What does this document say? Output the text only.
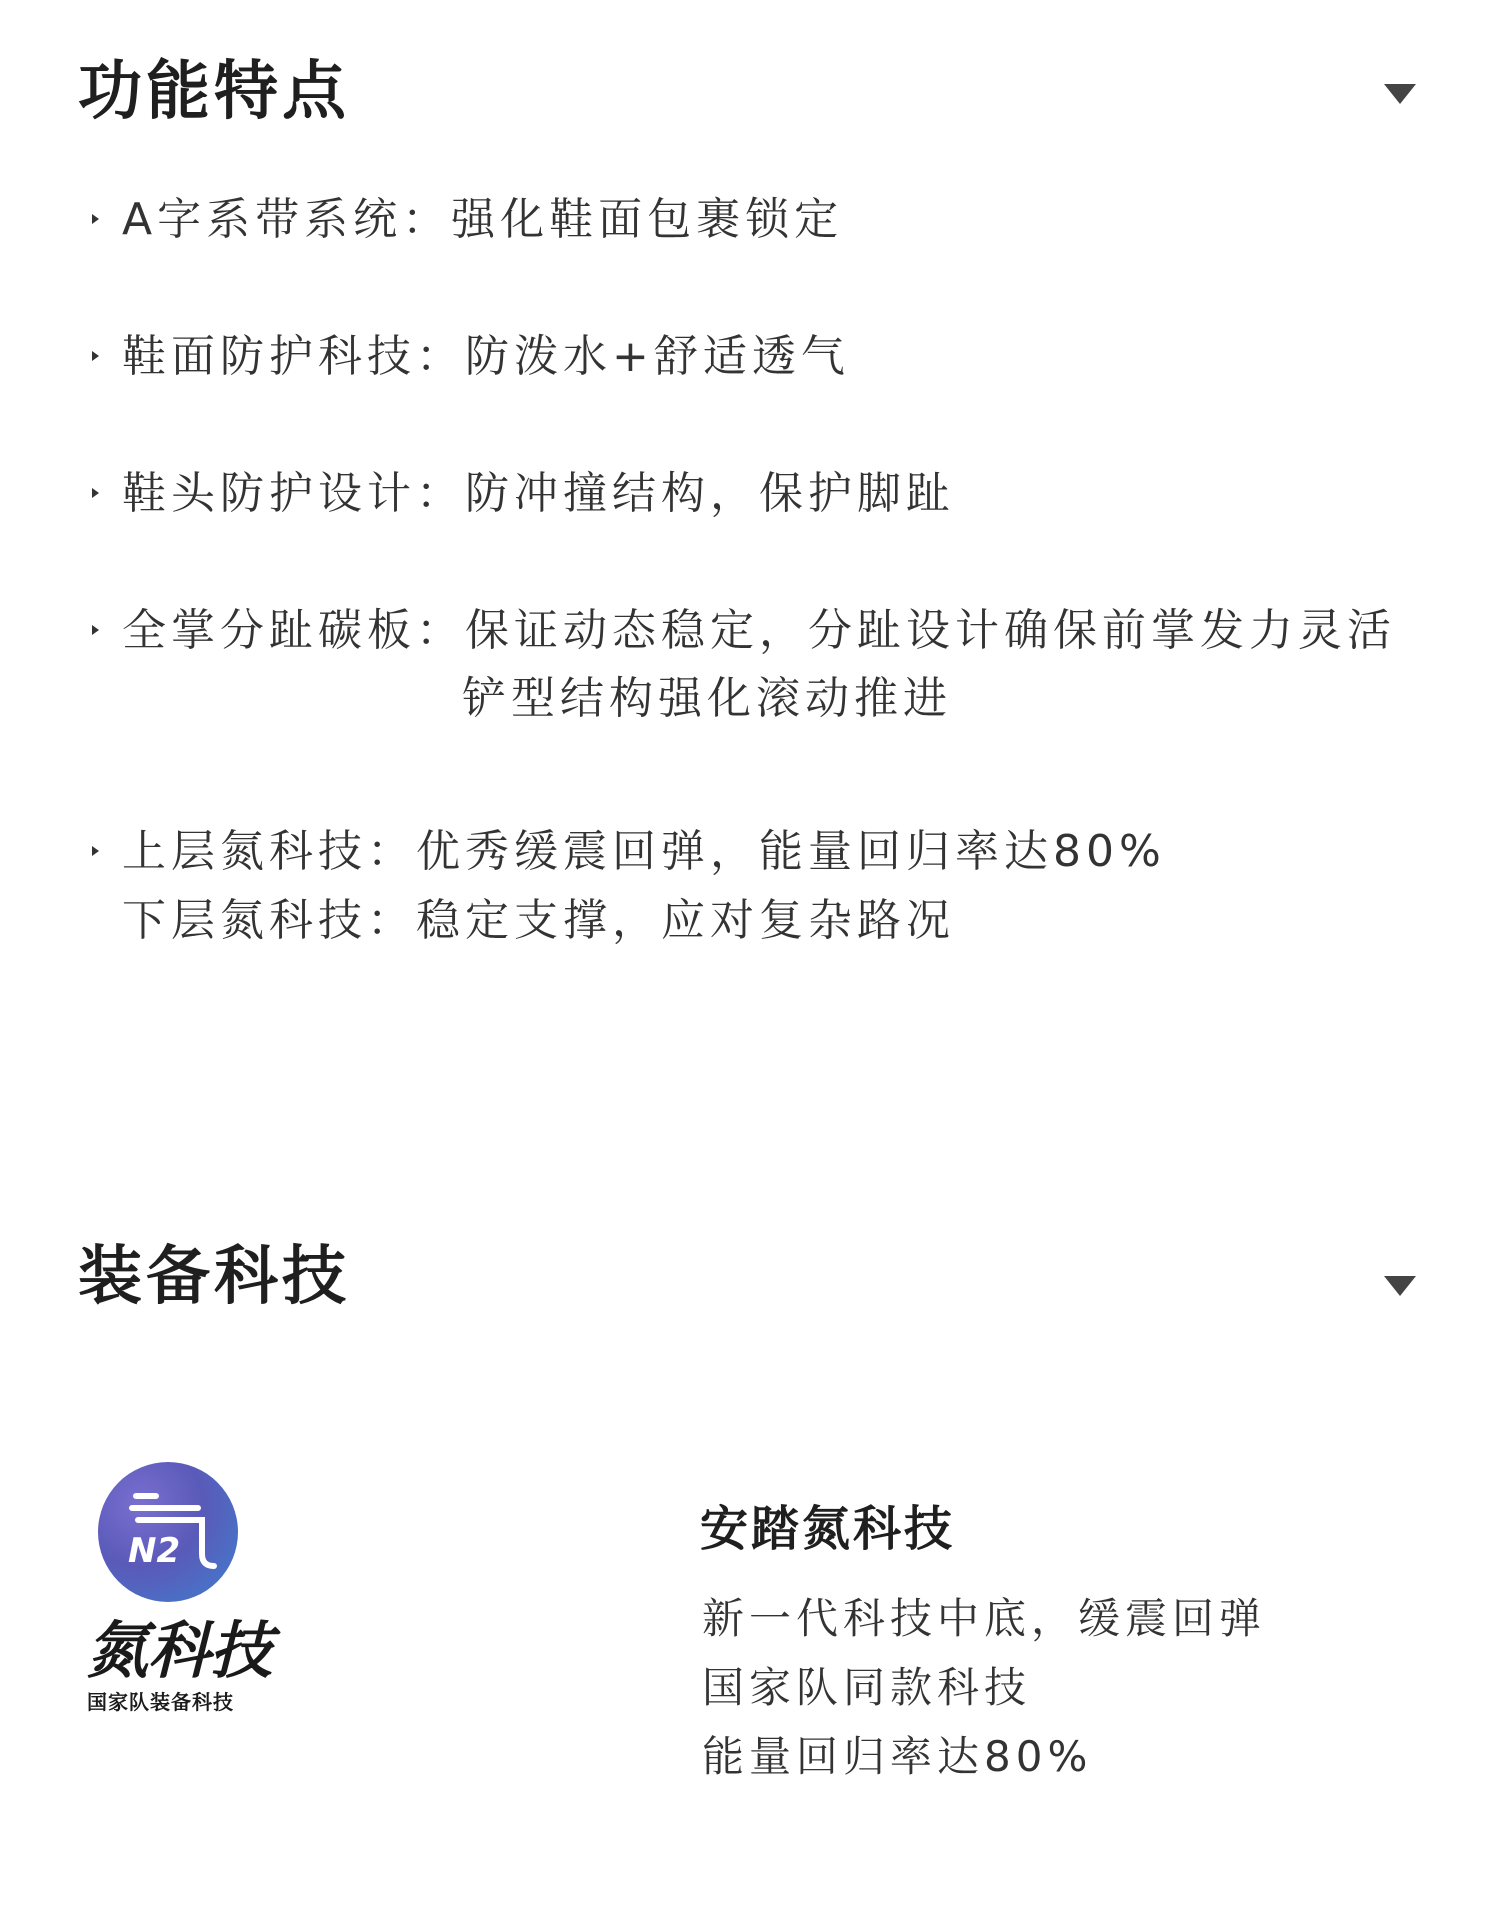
功能特点
A字系带系统：强化鞋面包裹锁定
鞋面防护科技：防泼水+舒适透气
鞋头防护设计：防冲撞结构，保护脚趾
全掌分趾碳板：保证动态稳定，分趾设计确保前掌发力灵活
铲型结构强化滚动推进
上层氮科技：优秀缓震回弹，能量回归率达80%
下层氮科技：稳定支撑，应对复杂路况
装备科技
N2

氮科技

国家队装备科技
安踏氮科技
新一代科技中底，缓震回弹
国家队同款科技
能量回归率达80%
